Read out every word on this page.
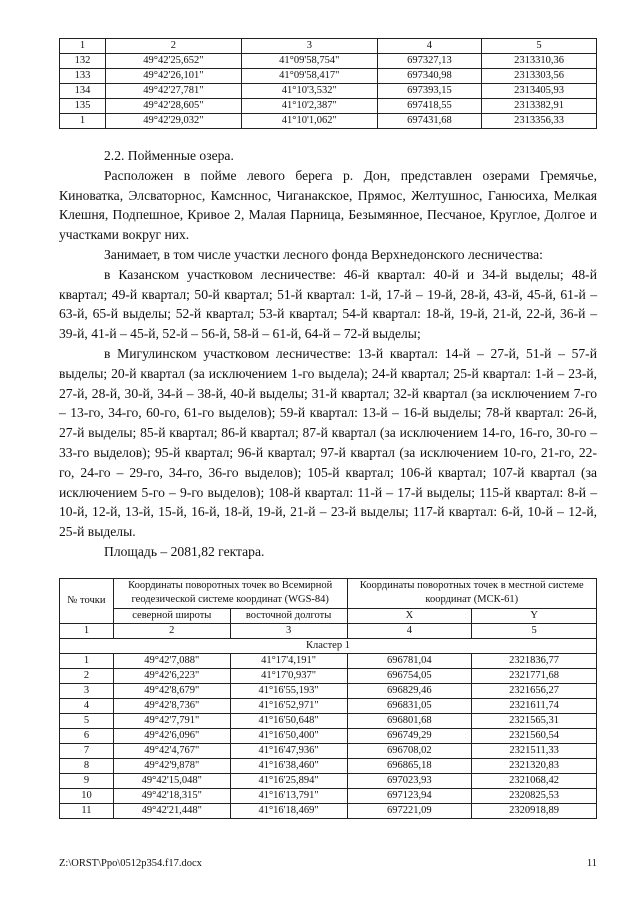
1	2	3	4	5
132	49°42'25,652"	41°09'58,754"	697327,13	2313310,36
133	49°42'26,101"	41°09'58,417"	697340,98	2313303,56
134	49°42'27,781"	41°10'3,532"	697393,15	2313405,93
135	49°42'28,605"	41°10'2,387"	697418,55	2313382,91
1	49°42'29,032"	41°10'1,062"	697431,68	2313356,33

2.2. Пойменные озера.

Расположен в пойме левого берега р. Дон, представлен озерами Гремячье, Киноватка, Элсваторнос, Камсннос, Чиганакское, Прямос, Желтушнос, Ганюсиха, Мелкая Клешня, Подпешное, Кривое 2, Малая Парница, Безымянное, Песчаное, Круглое, Долгое и участками вокруг них.

Занимает, в том числе участки лесного фонда Верхнедонского лесничества:

в Казанском участковом лесничестве: 46-й квартал: 40-й и 34-й выделы; 48-й квартал; 49-й квартал; 50-й квартал; 51-й квартал: 1-й, 17-й – 19-й, 28-й, 43-й, 45-й, 61-й – 63-й, 65-й выделы; 52-й квартал; 53-й квартал; 54-й квартал: 18-й, 19-й, 21-й, 22-й, 36-й – 39-й, 41-й – 45-й, 52-й – 56-й, 58-й – 61-й, 64-й – 72-й выделы;

в Мигулинском участковом лесничестве: 13-й квартал: 14-й – 27-й, 51-й – 57-й выделы; 20-й квартал (за исключением 1-го выдела); 24-й квартал; 25-й квартал: 1-й – 23-й, 27-й, 28-й, 30-й, 34-й – 38-й, 40-й выделы; 31-й квартал; 32-й квартал (за исключением 7-го – 13-го, 34-го, 60-го, 61-го выделов); 59-й квартал: 13-й – 16-й выделы; 78-й квартал: 26-й, 27-й выделы; 85-й квартал; 86-й квартал; 87-й квартал (за исключением 14-го, 16-го, 30-го – 33-го выделов); 95-й квартал; 96-й квартал; 97-й квартал (за исключением 10-го, 21-го, 22-го, 24-го – 29-го, 34-го, 36-го выделов); 105-й квартал; 106-й квартал; 107-й квартал (за исключением 5-го – 9-го выделов); 108-й квартал: 11-й – 17-й выделы; 115-й квартал: 8-й – 10-й, 12-й, 13-й, 15-й, 16-й, 18-й, 19-й, 21-й – 23-й выделы; 117-й квартал: 6-й, 10-й – 12-й, 25-й выделы.

Площадь – 2081,82 гектара.

№ точки	Координаты поворотных точек во Всемирной геодезической системе координат (WGS-84)		Координаты поворотных точек в местной системе координат (МСК-61)	
	северной широты	восточной долготы	X	Y
1	2	3	4	5
Кластер 1				
1	49°42'7,088"	41°17'4,191"	696781,04	2321836,77
2	49°42'6,223"	41°17'0,937"	696754,05	2321771,68
3	49°42'8,679"	41°16'55,193"	696829,46	2321656,27
4	49°42'8,736"	41°16'52,971"	696831,05	2321611,74
5	49°42'7,791"	41°16'50,648"	696801,68	2321565,31
6	49°42'6,096"	41°16'50,400"	696749,29	2321560,54
7	49°42'4,767"	41°16'47,936"	696708,02	2321511,33
8	49°42'9,878"	41°16'38,460"	696865,18	2321320,83
9	49°42'15,048"	41°16'25,894"	697023,93	2321068,42
10	49°42'18,315"	41°16'13,791"	697123,94	2320825,53
11	49°42'21,448"	41°16'18,469"	697221,09	2320918,89
Z:\ORST\Ppo\0512p354.f17.docx	11
